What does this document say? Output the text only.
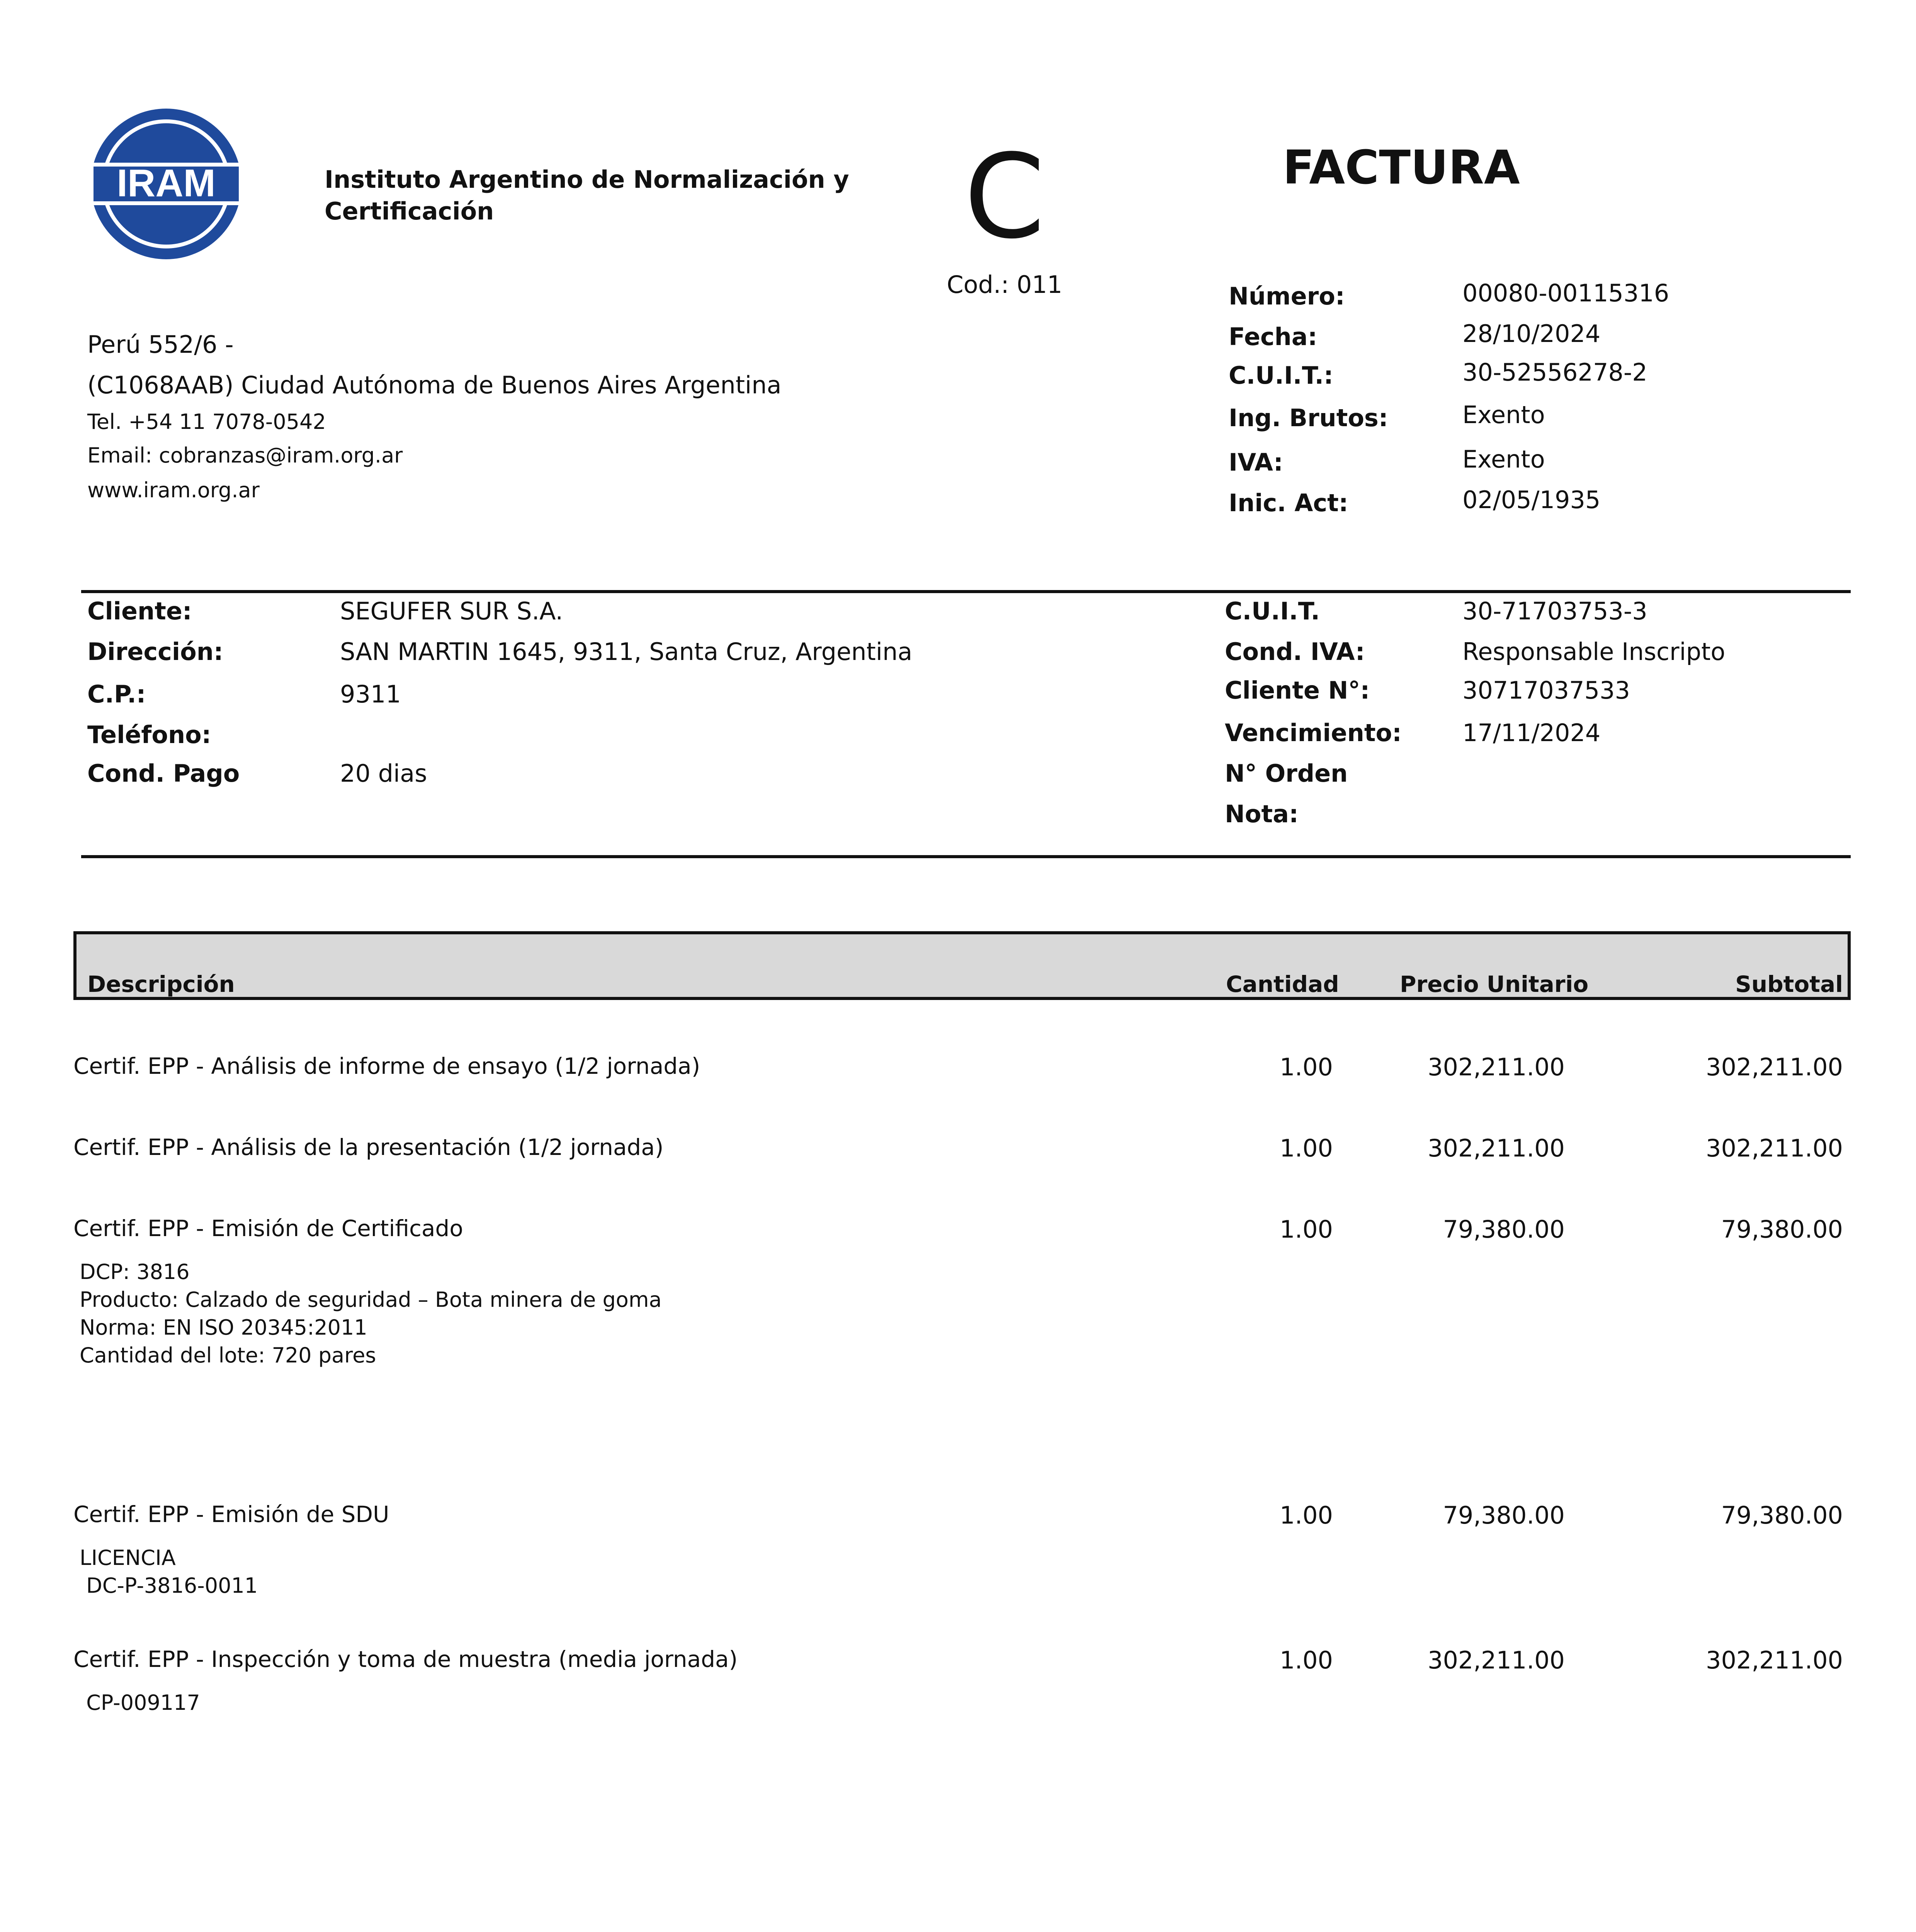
IRAM	Instituto Argentino de Normalización y
Certificación
Perú 552/6 -
(C1068AAB) Ciudad Autónoma de Buenos Aires Argentina
Tel. +54 11 7078-0542
Email: cobranzas@iram.org.ar
www.iram.org.ar
C
Cod.: 011
FACTURA
Número:	00080-00115316
Fecha:	28/10/2024
C.U.I.T.:	30-52556278-2
Ing. Brutos:	Exento
IVA:	Exento
Inic. Act:	02/05/1935
Cliente:	SEGUFER SUR S.A.
Dirección:	SAN MARTIN 1645, 9311, Santa Cruz, Argentina
C.P.:	9311
Teléfono:
Cond. Pago	20 dias
C.U.I.T.	30-71703753-3
Cond. IVA:	Responsable Inscripto
Cliente N°:	30717037533
Vencimiento:	17/11/2024
N° Orden
Nota:
Descripción	Cantidad	Precio Unitario	Subtotal
Certif. EPP - Análisis de informe de ensayo (1/2 jornada)	1.00	302,211.00	302,211.00
Certif. EPP - Análisis de la presentación (1/2 jornada)	1.00	302,211.00	302,211.00
Certif. EPP - Emisión de Certificado	1.00	79,380.00	79,380.00
DCP: 3816
Producto: Calzado de seguridad – Bota minera de goma
Norma: EN ISO 20345:2011
Cantidad del lote: 720 pares
Certif. EPP - Emisión de SDU	1.00	79,380.00	79,380.00
LICENCIA
DC-P-3816-0011
Certif. EPP - Inspección y toma de muestra (media jornada)	1.00	302,211.00	302,211.00
CP-009117
